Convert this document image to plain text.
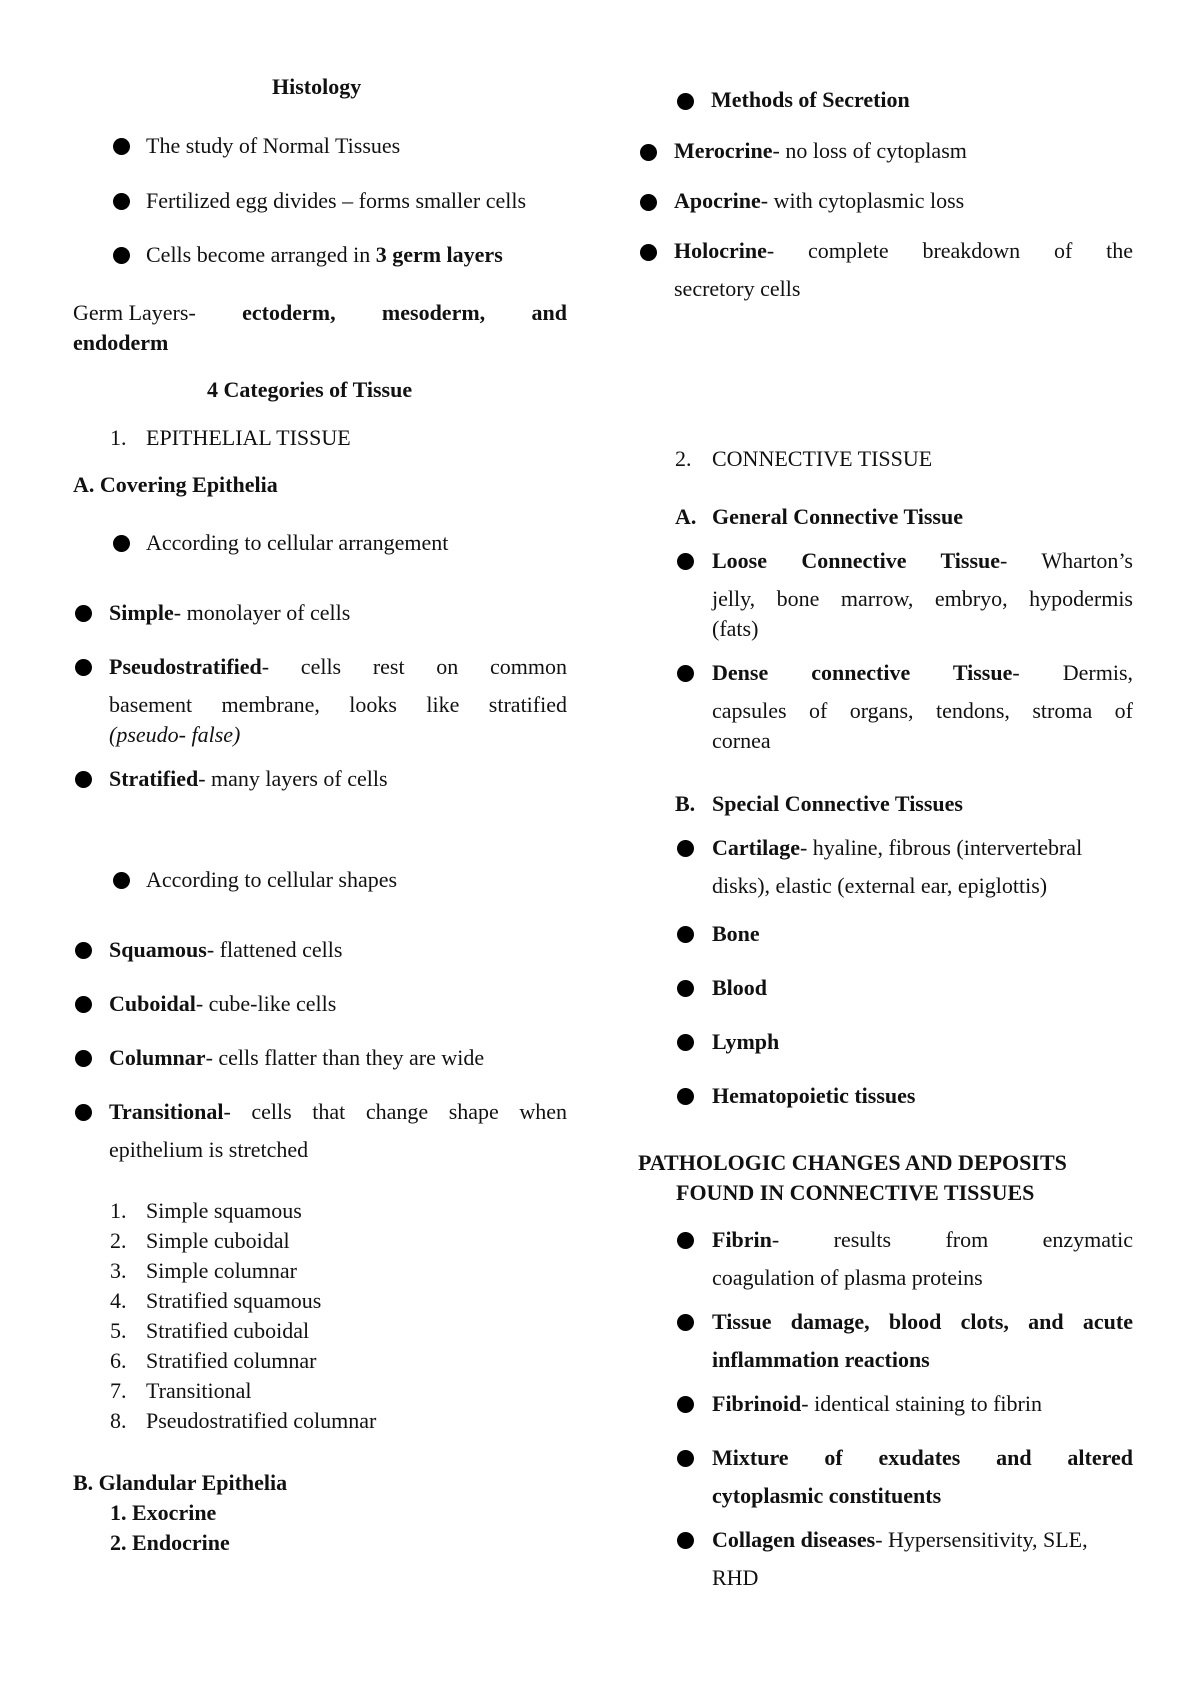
Histology
The study of Normal Tissues
Fertilized egg divides – forms smaller cells
Cells become arranged in 3 germ layers
Germ Layers- ectoderm, mesoderm, and
endoderm
4 Categories of Tissue
1. EPITHELIAL TISSUE
A. Covering Epithelia
According to cellular arrangement
Simple- monolayer of cells
Pseudostratified- cells rest on common
basement membrane, looks like stratified
(pseudo- false)
Stratified- many layers of cells
According to cellular shapes
Squamous- flattened cells
Cuboidal- cube-like cells
Columnar- cells flatter than they are wide
Transitional- cells that change shape when
epithelium is stretched
1. Simple squamous
2. Simple cuboidal
3. Simple columnar
4. Stratified squamous
5. Stratified cuboidal
6. Stratified columnar
7. Transitional
8. Pseudostratified columnar
B. Glandular Epithelia
1. Exocrine
2. Endocrine
Methods of Secretion
Merocrine- no loss of cytoplasm
Apocrine- with cytoplasmic loss
Holocrine- complete breakdown of the
secretory cells
2. CONNECTIVE TISSUE
A. General Connective Tissue
Loose Connective Tissue- Wharton’s
jelly, bone marrow, embryo, hypodermis
(fats)
Dense connective Tissue- Dermis,
capsules of organs, tendons, stroma of
cornea
B. Special Connective Tissues
Cartilage- hyaline, fibrous (intervertebral
disks), elastic (external ear, epiglottis)
Bone
Blood
Lymph
Hematopoietic tissues
PATHOLOGIC CHANGES AND DEPOSITS
FOUND IN CONNECTIVE TISSUES
Fibrin- results from enzymatic
coagulation of plasma proteins
Tissue damage, blood clots, and acute
inflammation reactions
Fibrinoid- identical staining to fibrin
Mixture of exudates and altered
cytoplasmic constituents
Collagen diseases- Hypersensitivity, SLE,
RHD
